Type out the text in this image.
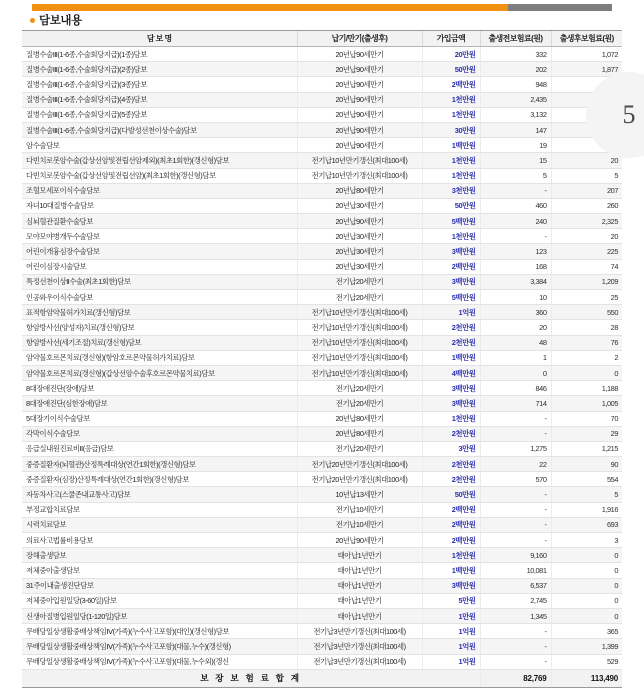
담보내용
5
담 보 명	납기/만기(출생후)	가입금액	출생전보험료(원)	출생후보험료(원)
질병수술Ⅲ(1-6종,수술회당지급)(1종)담보	20년납90세만기	20만원	332	1,072
질병수술Ⅲ(1-6종,수술회당지급)(2종)담보	20년납90세만기	50만원	202	1,877
질병수술Ⅲ(1-6종,수술회당지급)(3종)담보	20년납90세만기	2백만원	948	
질병수술Ⅲ(1-6종,수술회당지급)(4종)담보	20년납90세만기	1천만원	2,435	
질병수술Ⅲ(1-6종,수술회당지급)(5종)담보	20년납90세만기	1천만원	3,132	
질병수술Ⅲ(1-6종,수술회당지급)(다발성선천이상수술)담보	20년납90세만기	30만원	147	
암수술담보	20년납90세만기	1백만원	19	
다빈치로봇암수술(갑상선암및전립선암제외)(최초1회한)(갱신형)담보	전기납10년만기갱신(최대100세)	1천만원	15	20
다빈치로봇암수술(갑상선암및전립선암)(최초1회한)(갱신형)담보	전기납10년만기갱신(최대100세)	1천만원	5	5
조혈모세포이식수술담보	20년납80세만기	3천만원	-	207
자녀10대질병수술담보	20년납30세만기	50만원	460	260
심뇌혈관질환수술담보	20년납90세만기	5백만원	240	2,325
모야모야병개두수술담보	20년납30세만기	1천만원	-	20
어린이개흉심장수술담보	20년납30세만기	3백만원	123	225
어린이심장시술담보	20년납30세만기	2백만원	168	74
특정선천이상Ⅱ수술(최초1회한)담보	전기납20세만기	3백만원	3,384	1,209
인공와우이식수술담보	전기납20세만기	5백만원	10	25
표적항암약물허가치료(갱신형)담보	전기납10년만기갱신(최대100세)	1억원	360	550
항암방사선(양성자)치료(갱신형)담보	전기납10년만기갱신(최대100세)	2천만원	20	28
항암방사선(세기조절)치료(갱신형)담보	전기납10년만기갱신(최대100세)	2천만원	48	76
암약물호르몬치료(갱신형)(항암호르몬약물허가치료)담보	전기납10년만기갱신(최대100세)	1백만원	1	2
암약물호르몬치료(갱신형)(갑상선암수술후호르몬약물치료)담보	전기납10년만기갱신(최대100세)	4백만원	0	0
8대장애진단(장애)담보	전기납20세만기	3백만원	846	1,188
8대장애진단(심한장애)담보	전기납20세만기	3백만원	714	1,005
5대장기이식수술담보	20년납80세만기	1천만원	-	70
각막이식수술담보	20년납80세만기	2천만원	-	29
응급실내원진료비Ⅱ(응급)담보	전기납20세만기	3만원	1,275	1,215
중증질환자(뇌혈관)산정특례대상(연간1회한)(갱신형)담보	전기납20년만기갱신(최대100세)	2천만원	22	90
중증질환자(심장)산정특례대상(연간1회한)(갱신형)담보	전기납20년만기갱신(최대100세)	2천만원	570	554
자동차사고(스쿨존내교통사고)담보	10년납13세만기	50만원	-	5
부정교합치료담보	전기납10세만기	2백만원	-	1,916
시력치료담보	전기납10세만기	2백만원	-	693
의료사고법률비용담보	20년납90세만기	2백만원	-	3
장해출생담보	태아납1년만기	1천만원	9,160	0
저체중아출생담보	태아납1년만기	1백만원	10,081	0
31주이내출생진단담보	태아납1년만기	3백만원	6,537	0
저체중아입원일당(3-60일)담보	태아납1년만기	5만원	2,745	0
신생아질병입원일당(1-120일)담보	태아납1년만기	1만원	1,345	0
무배당일상생활중배상책임Ⅳ(가족)(누수사고포함)(대인)(갱신형)담보	전기납3년만기갱신(최대100세)	1억원	-	365
무배당일상생활중배상책임Ⅳ(가족)(누수사고포함)(대물,누수)(갱신형)	전기납3년만기갱신(최대100세)	1억원	-	1,399
무배당일상생활중배상책임Ⅳ(가족)(누수사고포함)(대물,누수외)(갱신	전기납3년만기갱신(최대100세)	1억원	-	529
보 장 보 험 료 합 계			82,769	113,490
